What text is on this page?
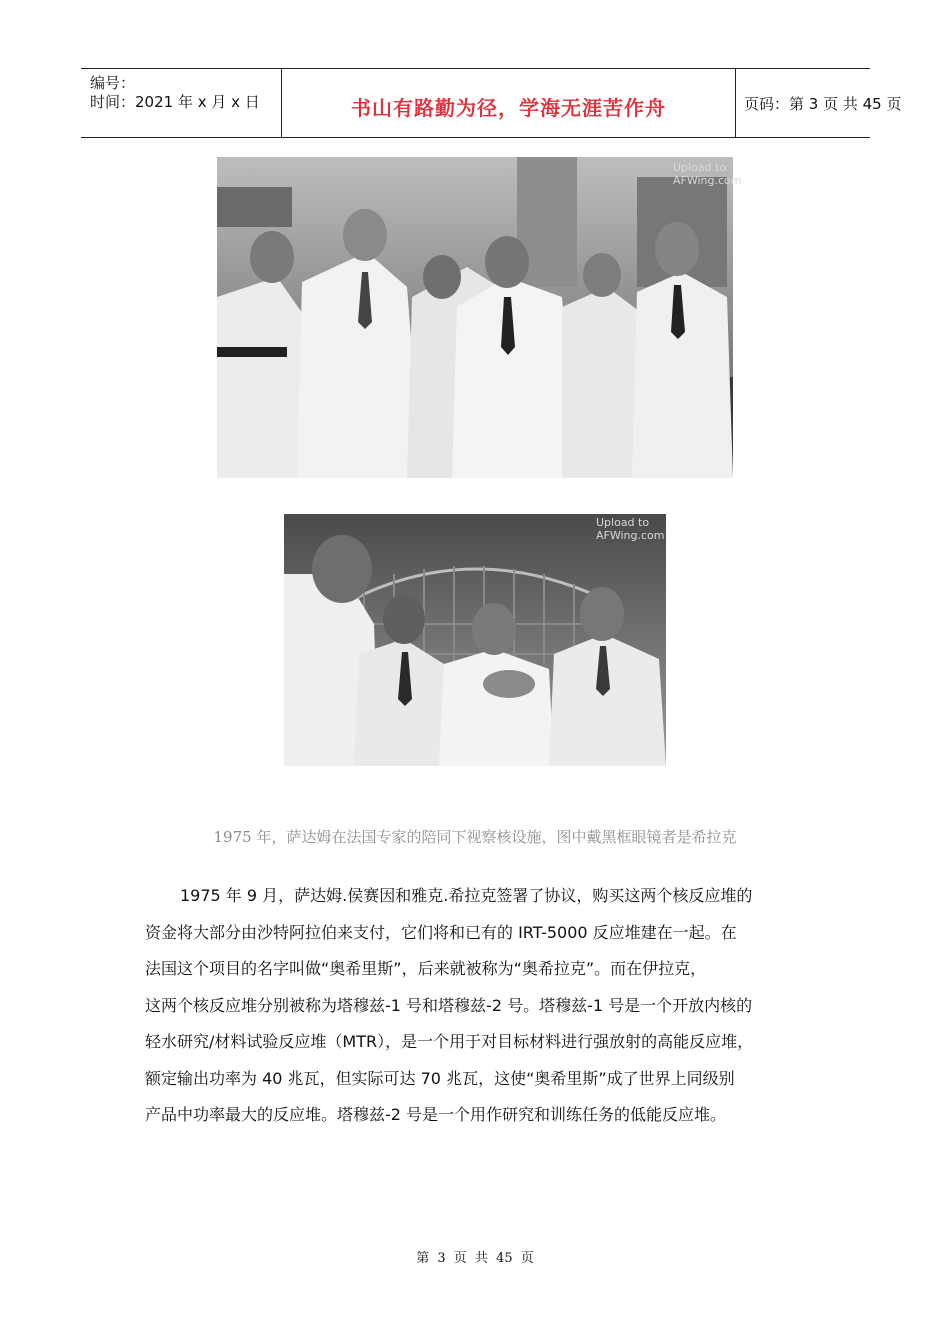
编号：
时间：2021 年 x 月 x 日	书山有路勤为径，学海无涯苦作舟	页码：第 3 页 共 45 页
Upload to
AFWing.com
Upload to
AFWing.com
1975 年，萨达姆在法国专家的陪同下视察核设施，图中戴黑框眼镜者是希拉克
1975 年 9 月，萨达姆.侯赛因和雅克.希拉克签署了协议，购买这两个核反应堆的
资金将大部分由沙特阿拉伯来支付，它们将和已有的 IRT-5000 反应堆建在一起。在
法国这个项目的名字叫做“奥希里斯”，后来就被称为“奥希拉克”。而在伊拉克，
这两个核反应堆分别被称为塔穆兹-1 号和塔穆兹-2 号。塔穆兹-1 号是一个开放内核的
轻水研究/材料试验反应堆（MTR），是一个用于对目标材料进行强放射的高能反应堆，
额定输出功率为 40 兆瓦，但实际可达 70 兆瓦，这使“奥希里斯”成了世界上同级别
产品中功率最大的反应堆。塔穆兹-2 号是一个用作研究和训练任务的低能反应堆。
第 3 页 共 45 页
